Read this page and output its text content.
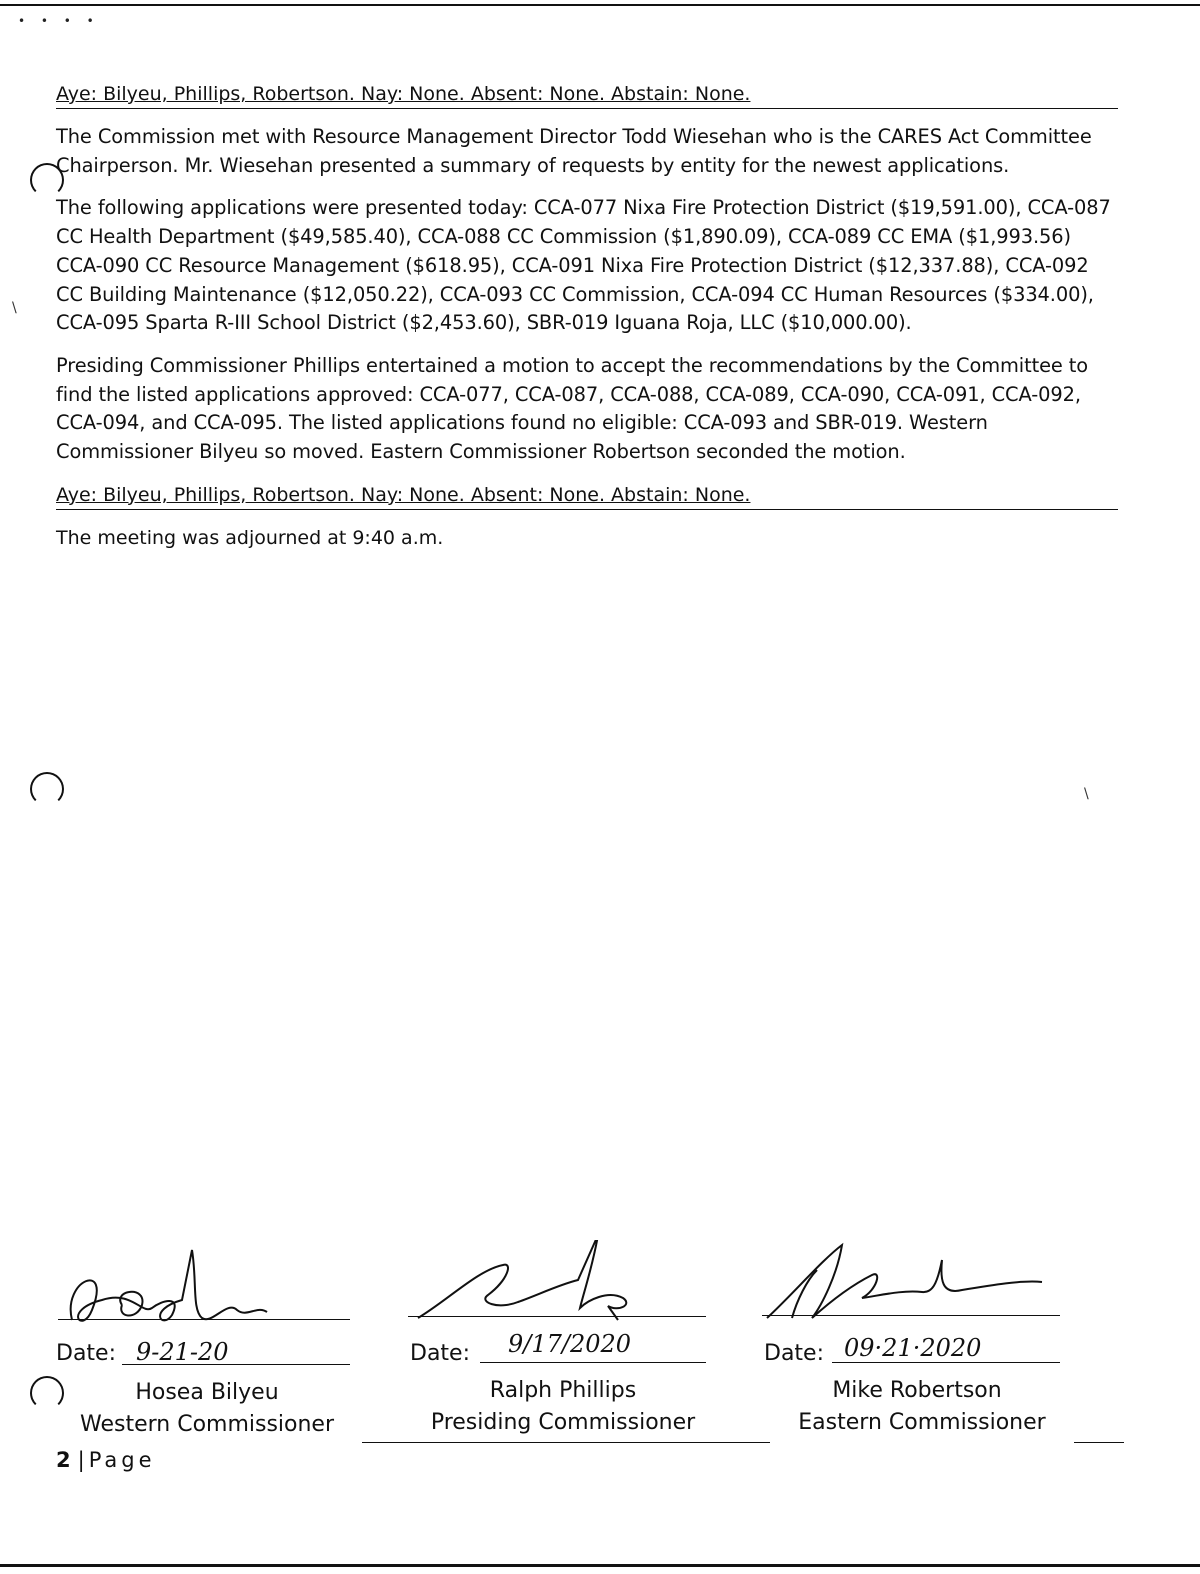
• • • •
Aye: Bilyeu, Phillips, Robertson. Nay: None. Absent: None. Abstain: None.

The Commission met with Resource Management Director Todd Wiesehan who is the CARES Act Committee Chairperson. Mr. Wiesehan presented a summary of requests by entity for the newest applications.

The following applications were presented today: CCA-077 Nixa Fire Protection District ($19,591.00), CCA-087 CC Health Department ($49,585.40), CCA-088 CC Commission ($1,890.09), CCA-089 CC EMA ($1,993.56) CCA-090 CC Resource Management ($618.95), CCA-091 Nixa Fire Protection District ($12,337.88), CCA-092 CC Building Maintenance ($12,050.22), CCA-093 CC Commission, CCA-094 CC Human Resources ($334.00), CCA-095 Sparta R-III School District ($2,453.60), SBR-019 Iguana Roja, LLC ($10,000.00).

Presiding Commissioner Phillips entertained a motion to accept the recommendations by the Committee to find the listed applications approved: CCA-077, CCA-087, CCA-088, CCA-089, CCA-090, CCA-091, CCA-092, CCA-094, and CCA-095. The listed applications found no eligible: CCA-093 and SBR-019. Western Commissioner Bilyeu so moved. Eastern Commissioner Robertson seconded the motion.

Aye: Bilyeu, Phillips, Robertson. Nay: None. Absent: None. Abstain: None.

The meeting was adjourned at 9:40 a.m.

\
\
Date: 9-21-20
Hosea Bilyeu
Western Commissioner
Date: 9/17/2020
Ralph Phillips
Presiding Commissioner
Date: 09·21·2020
Mike Robertson
Eastern Commissioner
2 | Page
